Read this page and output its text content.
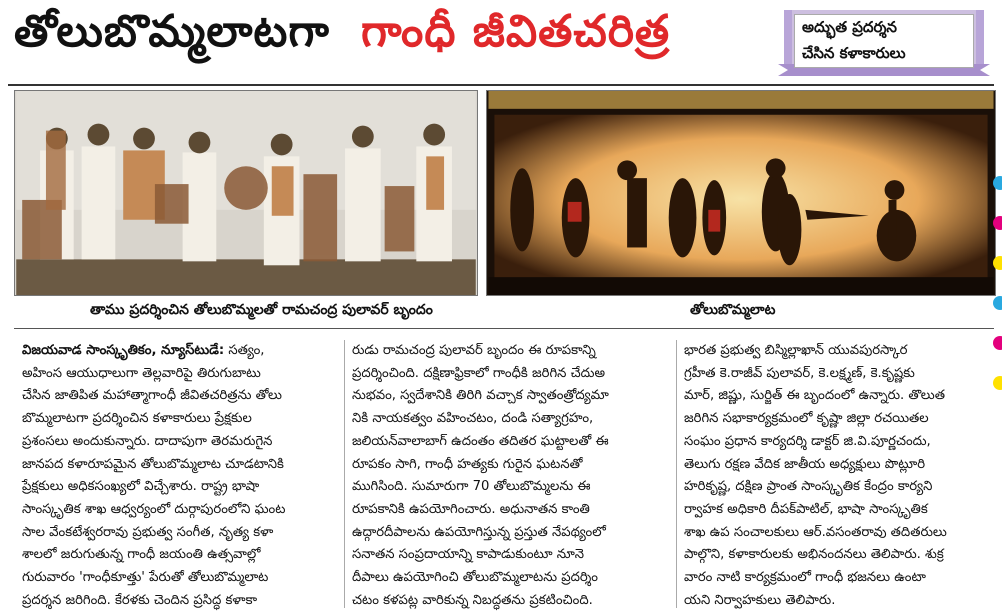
తోలుబొమ్మలాటగా గాంధీ జీవితచరిత్ర	అద్భుత ప్రదర్శన
చేసిన కళాకారులు
తాము ప్రదర్శించిన తోలుబొమ్మలతో రామచంద్ర పులావర్ బృందం	తోలుబొమ్మలాట

విజయవాడ సాంస్కృతికం, న్యూస్‌టుడే: సత్యం,

అహింస ఆయుధాలుగా తెల్లవారిపై తిరుగుబాటు

చేసిన జాతిపిత మహాత్మాగాంధీ జీవితచరిత్రను తోలు

బొమ్మలాటగా ప్రదర్శించిన కళాకారులు ప్రేక్షకుల

ప్రశంసలు అందుకున్నారు. దాదాపుగా తెరమరుగైన

జానపద కళారూపమైన తోలుబొమ్మలాట చూడటానికి

ప్రేక్షకులు అధికసంఖ్యలో విచ్చేశారు. రాష్ట్ర భాషా

సాంస్కృతిక శాఖ ఆధ్వర్యంలో దుర్గాపురంలోని ఘంట

సాల వేంకటేశ్వరరావు ప్రభుత్వ సంగీత, నృత్య కళా

శాలలో జరుగుతున్న గాంధీ జయంతి ఉత్సవాల్లో

గురువారం 'గాంధీకూత్తు' పేరుతో తోలుబొమ్మలాట

ప్రదర్శన జరిగింది. కేరళకు చెందిన ప్రసిద్ధ కళాకా

రుడు రామచంద్ర పులావర్ బృందం ఈ రూపకాన్ని

ప్రదర్శించింది. దక్షిణాఫ్రికాలో గాంధీకి జరిగిన చేదుఅ

నుభవం, స్వదేశానికి తిరిగి వచ్చాక స్వాతంత్రోద్యమా

నికి నాయకత్వం వహించటం, దండి సత్యాగ్రహం,

జలియన్‌వాలాబాగ్ ఉదంతం తదితర ఘట్టాలతో ఈ

రూపకం సాగి, గాంధీ హత్యకు గురైన ఘటనతో

ముగిసింది. సుమారుగా 70 తోలుబొమ్మలను ఈ

రూపకానికి ఉపయోగించారు. అధునాతన కాంతి

ఉద్గారదీపాలను ఉపయోగిస్తున్న ప్రస్తుత నేపథ్యంలో

సనాతన సంప్రదాయాన్ని కాపాడుకుంటూ నూనె

దీపాలు ఉపయోగించి తోలుబొమ్మలాటను ప్రదర్శిం

చటం కళపట్ల వారికున్న నిబద్ధతను ప్రకటించింది.

భారత ప్రభుత్వ బిస్మిల్లాఖాన్ యువపురస్కార

గ్రహీత కె.రాజీవ్ పులావర్, కె.లక్ష్మణ్, కె.కృష్ణకు

మార్, జిష్ణు, సుర్జిత్ ఈ బృందంలో ఉన్నారు. తొలుత

జరిగిన సభాకార్యక్రమంలో కృష్ణా జిల్లా రచయితల

సంఘం ప్రధాన కార్యదర్శి డాక్టర్ జి.వి.పూర్ణచందు,

తెలుగు రక్షణ వేదిక జాతీయ అధ్యక్షులు పొట్లూరి

హరికృష్ణ, దక్షిణ ప్రాంత సాంస్కృతిక కేంద్రం కార్యని

ర్వాహక అధికారి దీపక్‌పాటిల్, భాషా సాంస్కృతిక

శాఖ ఉప సంచాలకులు ఆర్.వసంతరావు తదితరులు

పాల్గొని, కళాకారులకు అభినందనలు తెలిపారు. శుక్ర

వారం నాటి కార్యక్రమంలో గాంధీ భజనలు ఉంటా

యని నిర్వాహకులు తెలిపారు.
